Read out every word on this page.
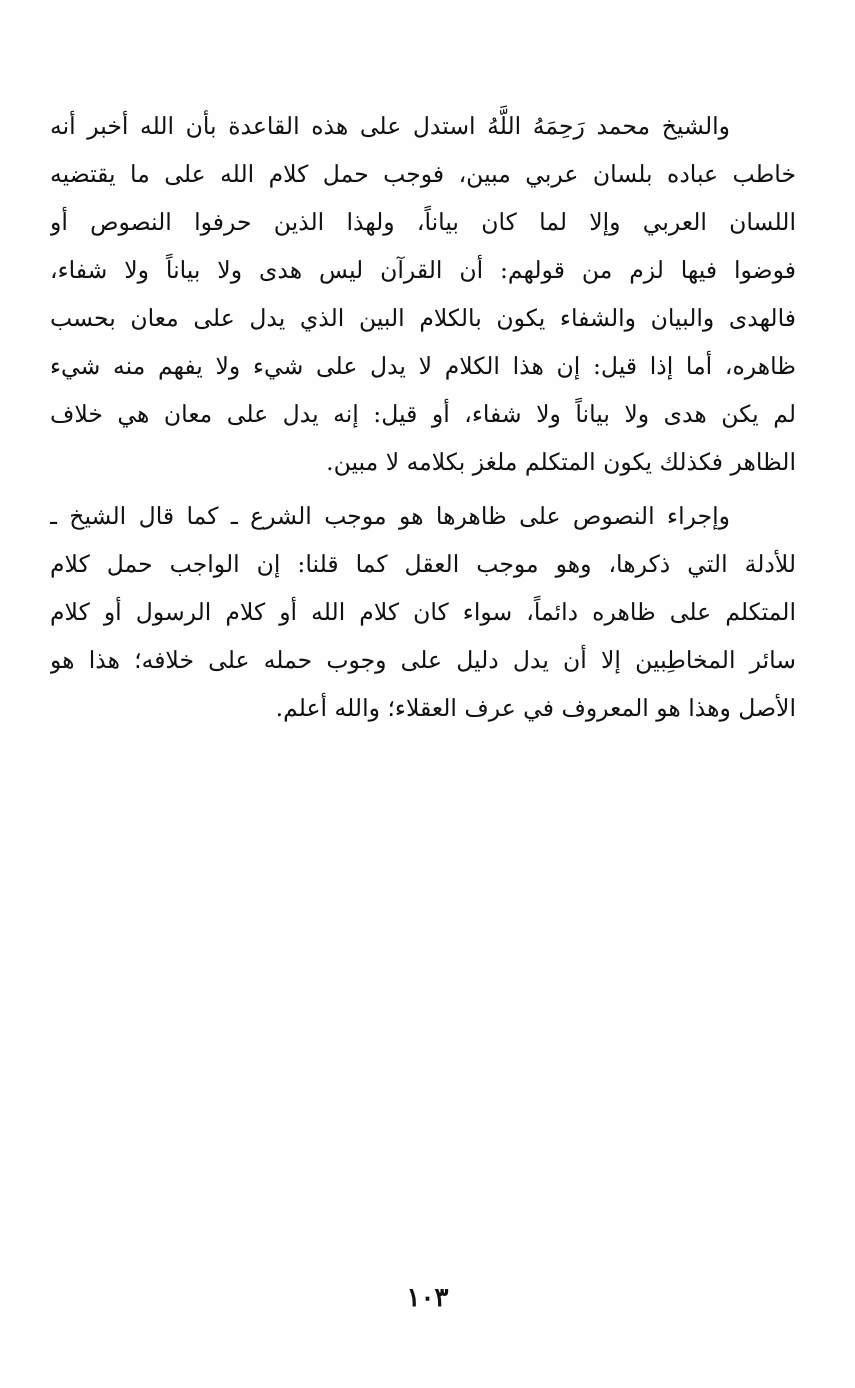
والشيخ محمد رَحِمَهُ اللَّهُ استدل على هذه القاعدة بأن الله أخبر أنه
خاطب عباده بلسان عربي مبين، فوجب حمل كلام الله على ما يقتضيه
اللسان العربي وإلا لما كان بياناً، ولهذا الذين حرفوا النصوص أو
فوضوا فيها لزم من قولهم: أن القرآن ليس هدى ولا بياناً ولا شفاء،
فالهدى والبيان والشفاء يكون بالكلام البين الذي يدل على معان بحسب
ظاهره، أما إذا قيل: إن هذا الكلام لا يدل على شيء ولا يفهم منه شيء
لم يكن هدى ولا بياناً ولا شفاء، أو قيل: إنه يدل على معان هي خلاف
الظاهر فكذلك يكون المتكلم ملغز بكلامه لا مبين.
وإجراء النصوص على ظاهرها هو موجب الشرع ـ كما قال الشيخ ـ
للأدلة التي ذكرها، وهو موجب العقل كما قلنا: إن الواجب حمل كلام
المتكلم على ظاهره دائماً، سواء كان كلام الله أو كلام الرسول أو كلام
سائر المخاطِبين إلا أن يدل دليل على وجوب حمله على خلافه؛ هذا هو
الأصل وهذا هو المعروف في عرف العقلاء؛ والله أعلم.
١٠٣
